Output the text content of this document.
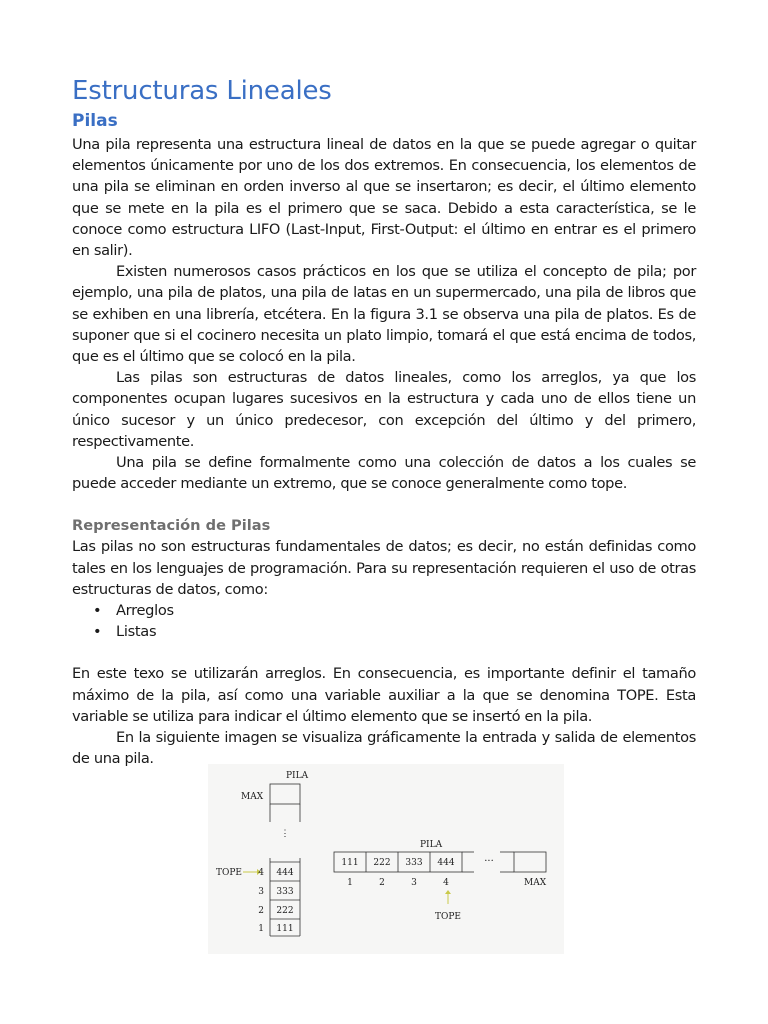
Estructuras Lineales
Pilas

Una pila representa una estructura lineal de datos en la que se puede agregar o quitar elementos únicamente por uno de los dos extremos. En consecuencia, los elementos de una pila se eliminan en orden inverso al que se insertaron; es decir, el último elemento que se mete en la pila es el primero que se saca. Debido a esta característica, se le conoce como estructura LIFO (Last-Input, First-Output: el último en entrar es el primero en salir).

Existen numerosos casos prácticos en los que se utiliza el concepto de pila; por ejemplo, una pila de platos, una pila de latas en un supermercado, una pila de libros que se exhiben en una librería, etcétera. En la figura 3.1 se observa una pila de platos. Es de suponer que si el cocinero necesita un plato limpio, tomará el que está encima de todos, que es el último que se colocó en la pila.

Las pilas son estructuras de datos lineales, como los arreglos, ya que los componentes ocupan lugares sucesivos en la estructura y cada uno de ellos tiene un único sucesor y un único predecesor, con excepción del último y del primero, respectivamente.

Una pila se define formalmente como una colección de datos a los cuales se puede acceder mediante un extremo, que se conoce generalmente como tope.

Representación de Pilas

Las pilas no son estructuras fundamentales de datos; es decir, no están definidas como tales en los lenguajes de programación. Para su representación requieren el uso de otras estructuras de datos, como:

• Arreglos
• Listas

En este texo se utilizarán arreglos. En consecuencia, es importante definir el tamaño máximo de la pila, así como una variable auxiliar a la que se denomina TOPE. Esta variable se utiliza para indicar el último elemento que se insertó en la pila.

En la siguiente imagen se visualiza gráficamente la entrada y salida de elementos de una pila.

PILA
MAX
⋮
TOPE 4 444
3 333
2 222
1 111
PILA
···
111 222 333 444
1	2	3	4	MAX
TOPE
